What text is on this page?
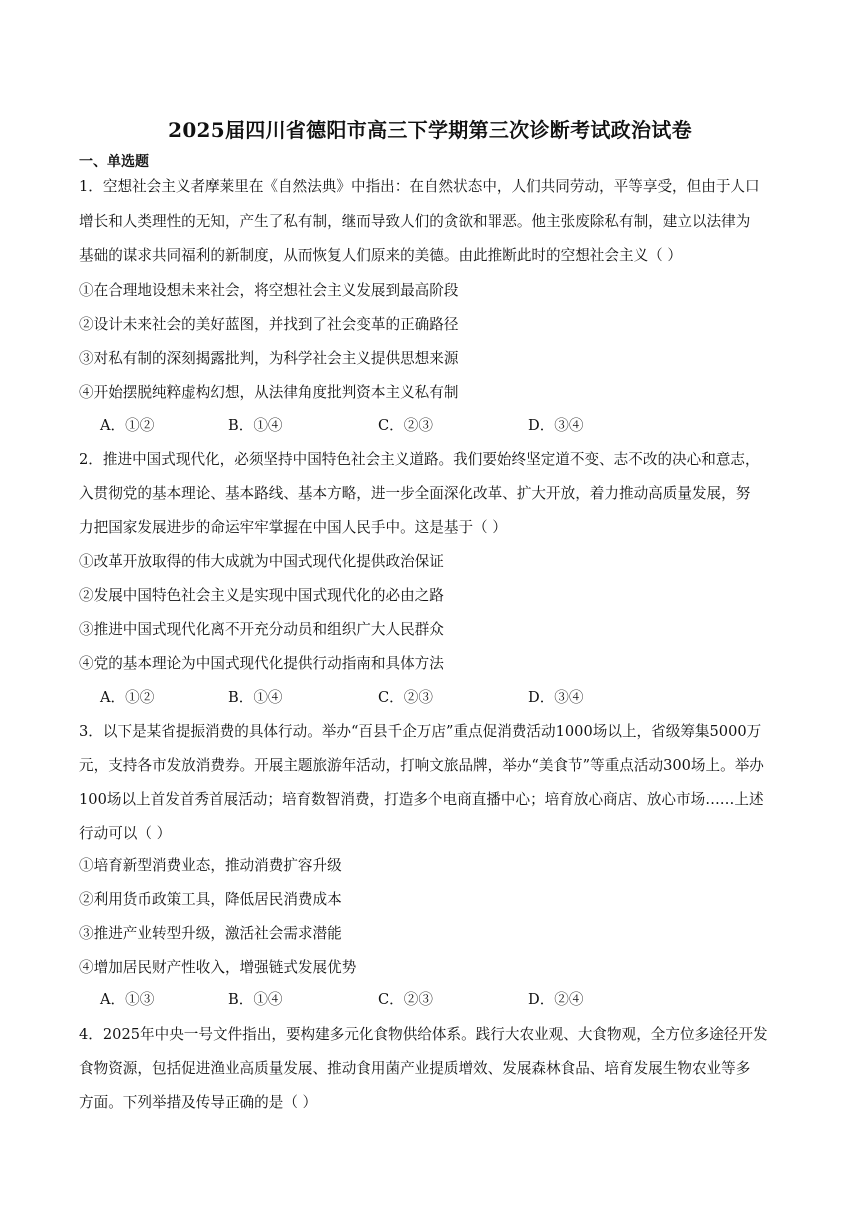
2025届四川省德阳市高三下学期第三次诊断考试政治试卷
一、单选题
1．空想社会主义者摩莱里在《自然法典》中指出：在自然状态中，人们共同劳动，平等享受，但由于人口
增长和人类理性的无知，产生了私有制，继而导致人们的贪欲和罪恶。他主张废除私有制，建立以法律为
基础的谋求共同福利的新制度，从而恢复人们原来的美德。由此推断此时的空想社会主义（ ）
①在合理地设想未来社会，将空想社会主义发展到最高阶段
②设计未来社会的美好蓝图，并找到了社会变革的正确路径
③对私有制的深刻揭露批判，为科学社会主义提供思想来源
④开始摆脱纯粹虚构幻想，从法律角度批判资本主义私有制
A．①②	B．①④	C．②③	D．③④
2．推进中国式现代化，必须坚持中国特色社会主义道路。我们要始终坚定道不变、志不改的决心和意志，
入贯彻党的基本理论、基本路线、基本方略，进一步全面深化改革、扩大开放，着力推动高质量发展，努
力把国家发展进步的命运牢牢掌握在中国人民手中。这是基于（ ）
①改革开放取得的伟大成就为中国式现代化提供政治保证
②发展中国特色社会主义是实现中国式现代化的必由之路
③推进中国式现代化离不开充分动员和组织广大人民群众
④党的基本理论为中国式现代化提供行动指南和具体方法
A．①②	B．①④	C．②③	D．③④
3．以下是某省提振消费的具体行动。举办“百县千企万店”重点促消费活动1000场以上，省级筹集5000万
元，支持各市发放消费券。开展主题旅游年活动，打响文旅品牌，举办“美食节”等重点活动300场上。举办
100场以上首发首秀首展活动；培育数智消费，打造多个电商直播中心；培育放心商店、放心市场……上述
行动可以（ ）
①培育新型消费业态，推动消费扩容升级
②利用货币政策工具，降低居民消费成本
③推进产业转型升级，激活社会需求潜能
④增加居民财产性收入，增强链式发展优势
A．①③	B．①④	C．②③	D．②④
4．2025年中央一号文件指出，要构建多元化食物供给体系。践行大农业观、大食物观，全方位多途径开发
食物资源，包括促进渔业高质量发展、推动食用菌产业提质增效、发展森林食品、培育发展生物农业等多
方面。下列举措及传导正确的是（ ）
